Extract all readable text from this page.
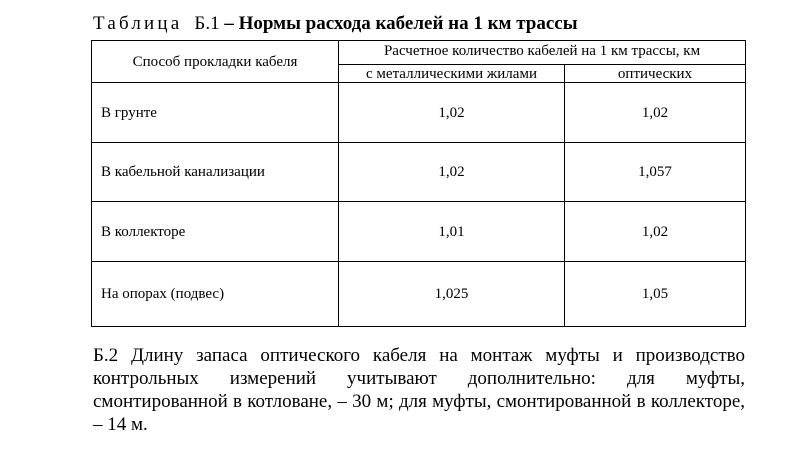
Таблица Б.1 – Нормы расхода кабелей на 1 км трассы
Способ прокладки кабеля	Расчетное количество кабелей на 1 км трассы, км	
	с металлическими жилами	оптических
В грунте	1,02	1,02
В кабельной канализации	1,02	1,057
В коллекторе	1,01	1,02
На опорах (подвес)	1,025	1,05
Б.2 Длину запаса оптического кабеля на монтаж муфты и производство контрольных измерений учитывают дополнительно: для муфты, смонтированной в котловане, – 30 м; для муфты, смонтированной в коллекторе, – 14 м.
